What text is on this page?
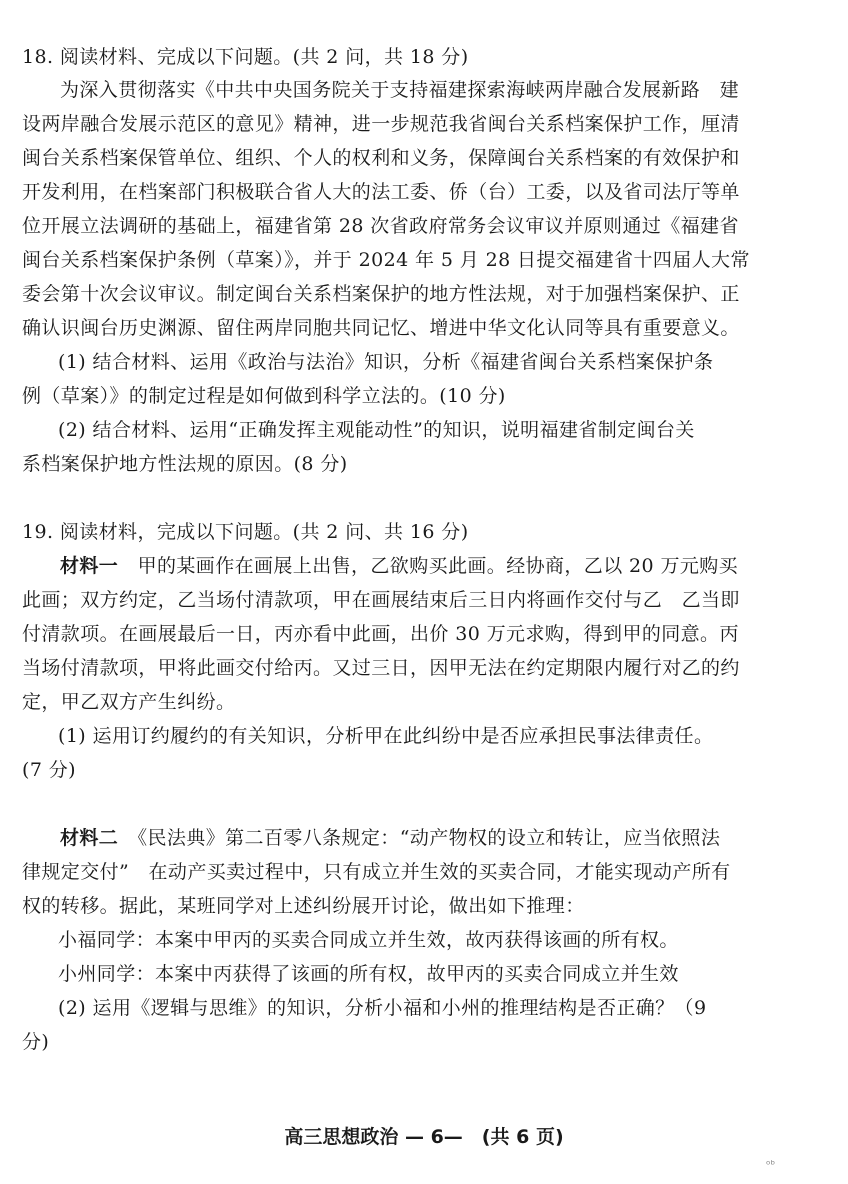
18. 阅读材料、完成以下问题。(共 2 问，共 18 分)
为深入贯彻落实《中共中央国务院关于支持福建探索海峡两岸融合发展新路　建
设两岸融合发展示范区的意见》精神，进一步规范我省闽台关系档案保护工作，厘清
闽台关系档案保管单位、组织、个人的权利和义务，保障闽台关系档案的有效保护和
开发利用，在档案部门积极联合省人大的法工委、侨（台）工委，以及省司法厅等单
位开展立法调研的基础上，福建省第 28 次省政府常务会议审议并原则通过《福建省
闽台关系档案保护条例（草案）》，并于 2024 年 5 月 28 日提交福建省十四届人大常
委会第十次会议审议。制定闽台关系档案保护的地方性法规，对于加强档案保护、正
确认识闽台历史渊源、留住两岸同胞共同记忆、增进中华文化认同等具有重要意义。
(1) 结合材料、运用《政治与法治》知识，分析《福建省闽台关系档案保护条
例（草案）》的制定过程是如何做到科学立法的。(10 分)
(2) 结合材料、运用“正确发挥主观能动性”的知识，说明福建省制定闽台关
系档案保护地方性法规的原因。(8 分)
19. 阅读材料，完成以下问题。(共 2 问、共 16 分)
材料一　甲的某画作在画展上出售，乙欲购买此画。经协商，乙以 20 万元购买
此画；双方约定，乙当场付清款项，甲在画展结束后三日内将画作交付与乙　乙当即
付清款项。在画展最后一日，丙亦看中此画，出价 30 万元求购，得到甲的同意。丙
当场付清款项，甲将此画交付给丙。又过三日，因甲无法在约定期限内履行对乙的约
定，甲乙双方产生纠纷。
(1) 运用订约履约的有关知识，分析甲在此纠纷中是否应承担民事法律责任。
(7 分)
材料二　《民法典》第二百零八条规定：“动产物权的设立和转让，应当依照法
律规定交付”　在动产买卖过程中，只有成立并生效的买卖合同，才能实现动产所有
权的转移。据此，某班同学对上述纠纷展开讨论，做出如下推理：
小福同学：本案中甲丙的买卖合同成立并生效，故丙获得该画的所有权。
小州同学：本案中丙获得了该画的所有权，故甲丙的买卖合同成立并生效
(2) 运用《逻辑与思维》的知识，分析小福和小州的推理结构是否正确？（9
分)
高三思想政治 — 6—　(共 6 页)
ᵒᵇ
